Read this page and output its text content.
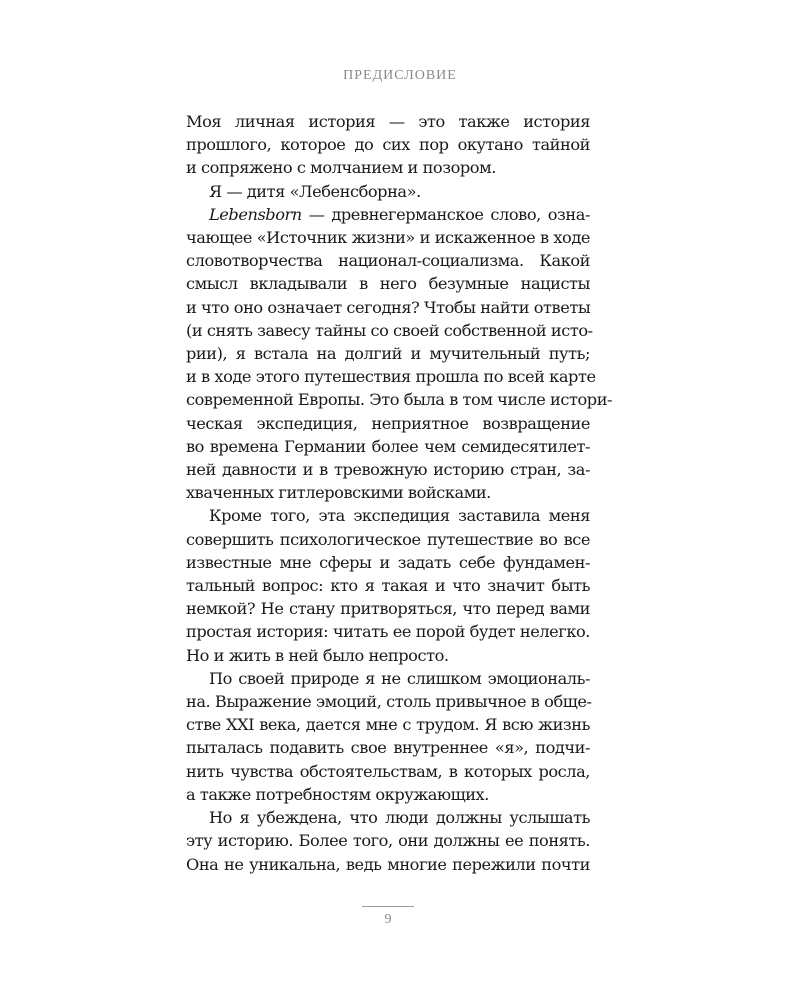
ПРЕДИСЛОВИЕ
Моя личная история — это также история
прошлого, которое до сих пор окутано тайной
и сопряжено с молчанием и позором.
Я — дитя «Лебенсборна».
Lebensborn — древнегерманское слово, озна-
чающее «Источник жизни» и искаженное в ходе
словотворчества национал-социализма. Какой
смысл вкладывали в него безумные нацисты
и что оно означает сегодня? Чтобы найти ответы
(и снять завесу тайны со своей собственной исто-
рии), я встала на долгий и мучительный путь;
и в ходе этого путешествия прошла по всей карте
современной Европы. Это была в том числе истори-
ческая экспедиция, неприятное возвращение
во времена Германии более чем семидесятилет-
ней давности и в тревожную историю стран, за-
хваченных гитлеровскими войсками.
Кроме того, эта экспедиция заставила меня
совершить психологическое путешествие во все
известные мне сферы и задать себе фундамен-
тальный вопрос: кто я такая и что значит быть
немкой? Не стану притворяться, что перед вами
простая история: читать ее порой будет нелегко.
Но и жить в ней было непросто.
По своей природе я не слишком эмоциональ-
на. Выражение эмоций, столь привычное в обще-
стве XXI века, дается мне с трудом. Я всю жизнь
пыталась подавить свое внутреннее «я», подчи-
нить чувства обстоятельствам, в которых росла,
а также потребностям окружающих.
Но я убеждена, что люди должны услышать
эту историю. Более того, они должны ее понять.
Она не уникальна, ведь многие пережили почти
9
